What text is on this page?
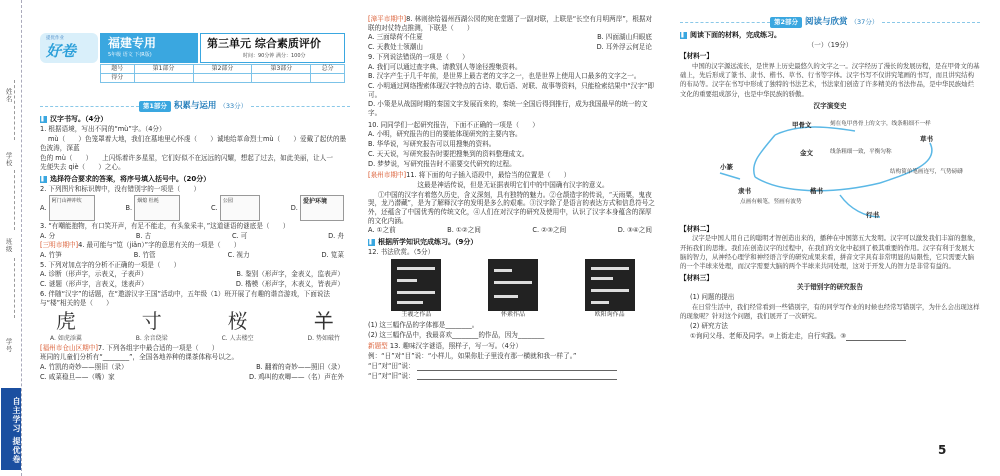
姓名
学校
班级
学号
自主学习 提优卷
提优作业
好卷	福建专用
5年级 语文 下(R版)
第三单元 综合素质评价
时间：90分钟 满分：100分
题号	第1部分	第2部分	第3部分	总分
得分				
第1部分 积累与运用 （33分）
▌ 汉字书写。（4分）
1. 根据语境，写出不同的“mù”字。（4分）
mù（　　）色笼罩着大地，我们在墓地里心怀虔（　　）诚地给革命烈士mù（　　）爱戴了起伏的墨色波涛，深蓝
色的 mù（　　）　　上闪烁着许多星星，它们好似不在远远的闪耀，想起了过去，如此美丽，让人一
先便失去 qiè（　　）之心。
▌ 选择符合要求的答案，将序号填入括号中。（20分）
2. 下列图片和标识牌中，没有错别字的一项是（　　）
A. 阿门山神冲坎
B. 烟熄 杜耗
C. 公园
D. 爱护环境
3. “有嘲能抱物，有口笑开声，有足不能走，有头象采丰，”这道谜语的谜底是（　　）
A. 分	B. 古	C. 可	D. 舟
[三明市期中]4. 最可能与“笕（jiǎn）”字的意思有关的一项是（　　）
A. 竹笋	B. 竹管	C. 视力	D. 笕菜
5. 下列对加点字的分析不正确的一项是（　　）
A. 诊断（形声字，示表义，子表声）	B. 鉴别（形声字，金表义，监表声）
C. 谜题（形声字，言表义，迷表声）	D. 楷模（形声字，木表义，皆表声）
6. 伴随“汉字”的话题，在“遨游汉字王国”活动中，五年级（1）班开展了有趣的谐音游戏，下面说法与“楼”相关的是（　　）
虎
A. 如虎添翼
寸
B. 余音绕梁
桜
C. 人去楼空
𢆉
D. 势如破竹
[福州市仓山区期中]7. 下列各组字中最合适的一项是（　　）
班同的儿童们分析有“________”，全国各地养种的课茶体称号以之。
A. 竹凯的奇妙——照旧（录）	B. 翻着的奇妙——照旧（录）
C. 咸菜稳旦——（嘴）家	D. 鸡叫的欢唧——（名）声在外
[漳平市期中]8. 林则徐给福州西湖公园的宛在堂题了一副对联，上联是“长空有月明两岸”，根据对联的对仗特点推测，下联是（　　）
A. 三面绿荷不住夏	B. 四面湖山归眼底
C. 天教处士领潮山	D. 耳外浮云何足论
9. 下列说法错误的一项是（　　）
A. 我们可以通过查字典、请教别人等途径搜集资料。
B. 汉字产生于几千年前，是世界上最古老的文字之一，也是世界上使用人口最多的文字之一。
C. 小明通过网络搜索体现汉字特点的古诗、歇后语、对联、故事等资料，只能检索结果中“汉字”即可。
D. 小策是从战国时期的秦国文字发展而来的，秦统一全国后得到推行，成为我国最早的统一的文字。
10. 同同学们一起研究报告，下面不正确的一项是（　　）
A. 小明，研究报告的目的要能体现研究的主要内容。
B. 华华说，写研究报告可以用搜集的资料。
C. 天天说，写研究报告时要把搜集到的资料整理成文。
D. 梦梦说，写研究报告时不需要交代研究的过程。
[泉州市期中]11. 将下面的句子插入语段中，最恰当的位置是（　　）
这最是神话传说，但是无证据表明它们中的中国确有汉字的意义。
①中国的汉字有着悠久历史，含义深刻，具有独特的魅力。②仓颉造字的传说，“天雨粟，鬼夜哭，龙乃潜藏”，是为了解释汉字的发明是多么的艰难。③汉字除了是语言的表达方式和信息符号之外，还蕴含了中国优秀的传统文化，④人们在对汉字的研究及使用中，认识了汉字本身蕴含的深厚的文化内涵。
A. ①之前	B. ①②之间	C. ②③之间	D. ③④之间
▌ 根据所学知识完成练习。（9分）
12. 书法欣赏。（5分）
王羲之作品	怀素作品	欧阳询作品
(1) 这三幅作品的字体都是________。
(2) 这三幅作品中，我最喜欢________的作品，因为________
新题型 13. 趣味汉字谜语，照样子，写一写。（4分）
例：“日”对“目”说：“小样儿，如果你肚子里没有那一横就和我一样了。”
“日”对“田”说：
“日”对“旧”说：
第2部分 阅读与欣赏 （37分）
▌ 阅读下面的材料，完成练习。
（一）（19分）
【材料一】
中国的汉字源远流长，是世界上历史最悠久的文字之一。汉字经历了漫长的发展历程，是在甲骨文的基础上，先后形成了篆书、隶书、楷书、草书、行书等字体。汉字书写不仅讲究笔画的书写，而且讲究结构的布局等。汉字在书写中形成了独特的书法艺术，书法家们创造了许多精美的书法作品，是中华民族灿烂文化的重要组成部分，也是中华民族的骄傲。
汉字演变史
甲骨文	刻在龟甲兽骨上的文字，线条粗细不一样
金文	线条粗细一致，平衡匀称
小篆
隶书	楷书
点画有顿笔，竖画有波势
草书
结构简单笔画连写，气势磅礴
行书
【材料二】
汉字是中国人用自己的聪明才智创造出来的，播种在中国第五大发明。汉字可以激发我们丰富的想象，开拓我们的思维。我们在创造汉字的过程中，在我们的文化中起到了极其重要的作用。汉字有利于发展大脑的智力，从神经心理学和神经语言学的研究成果来看，拼音文字具有非常明显的局限性，它只需要大脑的一个半球来处理，而汉字需要大脑的两个半球来共同处理，这对于开发人的智力是非常有益的。
【材料三】
关于错别字的研究报告
(1) 问题的提出
在日常生活中，我们经常看到一些错别字，有的同学写作业的时候也经常写错别字，为什么会出现这样的现象呢？针对这个问题，我们展开了一次研究。
(2) 研究方法
①询问父母、老师及同学。②上街走走，自行实践。③
5
